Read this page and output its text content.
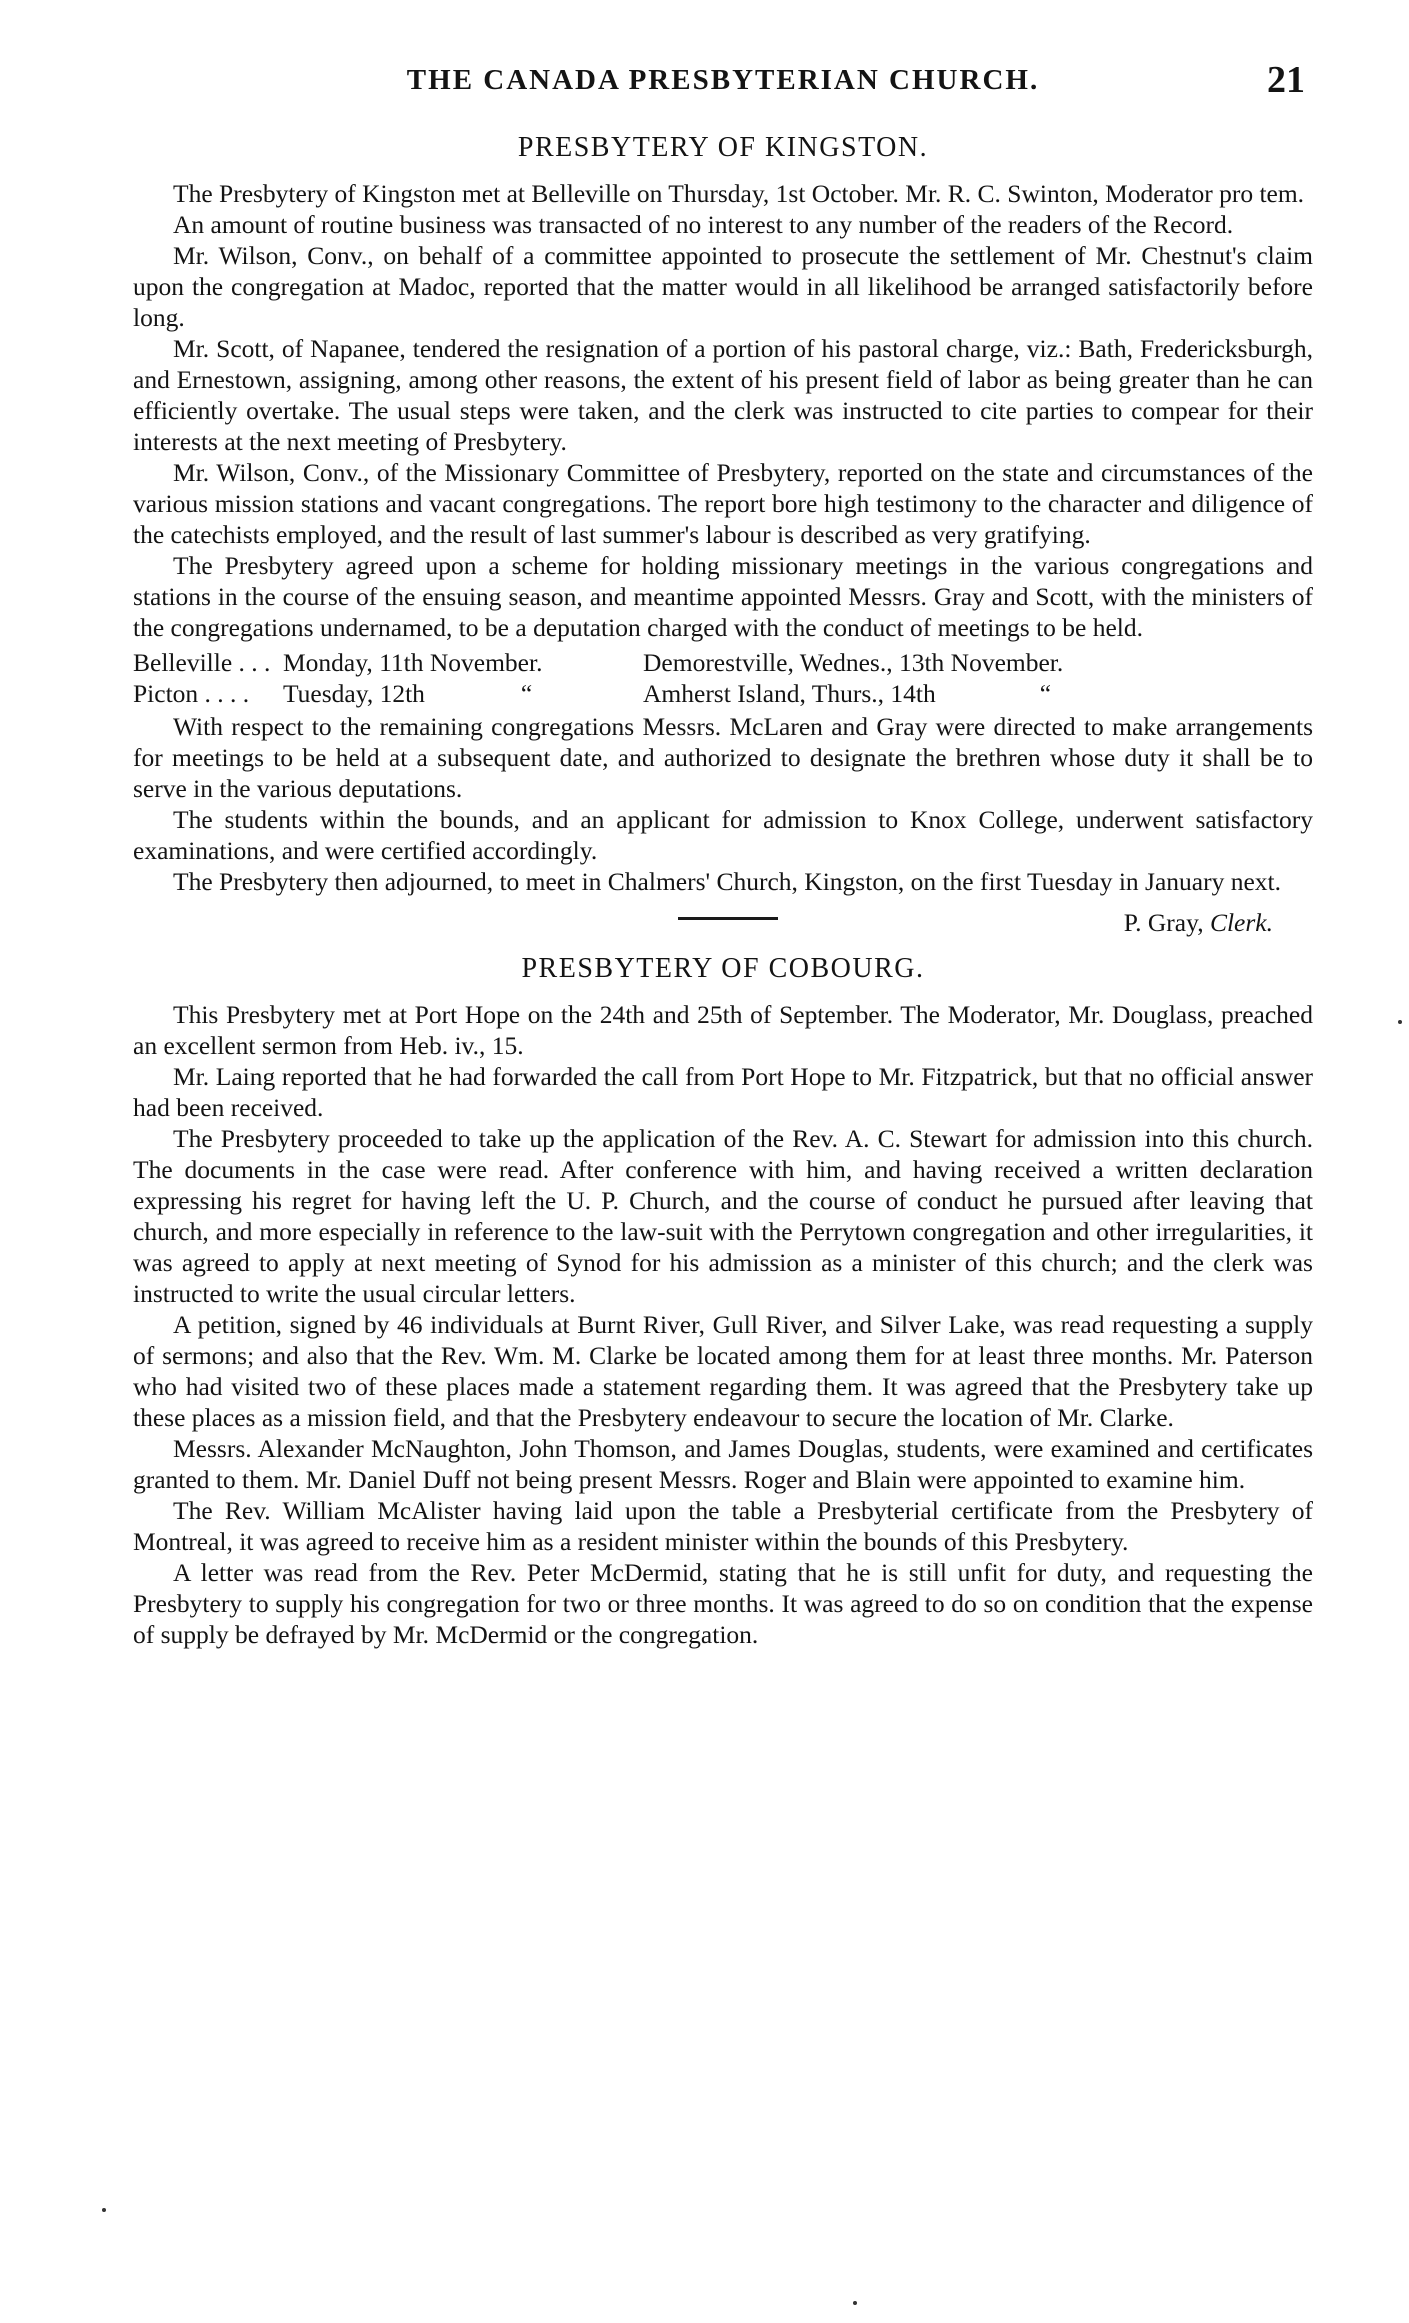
THE CANADA PRESBYTERIAN CHURCH.	21
PRESBYTERY OF KINGSTON.

The Presbytery of Kingston met at Belleville on Thursday, 1st October. Mr. R. C. Swinton, Moderator pro tem.

An amount of routine business was transacted of no interest to any number of the readers of the Record.

Mr. Wilson, Conv., on behalf of a committee appointed to prosecute the settlement of Mr. Chestnut's claim upon the congregation at Madoc, reported that the matter would in all likelihood be arranged satisfactorily before long.

Mr. Scott, of Napanee, tendered the resignation of a portion of his pastoral charge, viz.: Bath, Fredericksburgh, and Ernestown, assigning, among other reasons, the extent of his present field of labor as being greater than he can efficiently overtake. The usual steps were taken, and the clerk was instructed to cite parties to compear for their interests at the next meeting of Presbytery.

Mr. Wilson, Conv., of the Missionary Committee of Presbytery, reported on the state and circumstances of the various mission stations and vacant congregations. The report bore high testimony to the character and diligence of the catechists employed, and the result of last summer's labour is described as very gratifying.

The Presbytery agreed upon a scheme for holding missionary meetings in the various congregations and stations in the course of the ensuing season, and meantime appointed Messrs. Gray and Scott, with the ministers of the congregations undernamed, to be a deputation charged with the conduct of meetings to be held.

Belleville . . .	Monday, 11th November.	Demorestville, Wednes., 13th November.
Picton . . . .	Tuesday, 12th “	Amherst Island, Thurs., 14th “

With respect to the remaining congregations Messrs. McLaren and Gray were directed to make arrangements for meetings to be held at a subsequent date, and authorized to designate the brethren whose duty it shall be to serve in the various deputations.

The students within the bounds, and an applicant for admission to Knox College, underwent satisfactory examinations, and were certified accordingly.

The Presbytery then adjourned, to meet in Chalmers' Church, Kingston, on the first Tuesday in January next.

P. Gray, Clerk.
PRESBYTERY OF COBOURG.

This Presbytery met at Port Hope on the 24th and 25th of September. The Moderator, Mr. Douglass, preached an excellent sermon from Heb. iv., 15.

Mr. Laing reported that he had forwarded the call from Port Hope to Mr. Fitzpatrick, but that no official answer had been received.

The Presbytery proceeded to take up the application of the Rev. A. C. Stewart for admission into this church. The documents in the case were read. After conference with him, and having received a written declaration expressing his regret for having left the U. P. Church, and the course of conduct he pursued after leaving that church, and more especially in reference to the law-suit with the Perrytown congregation and other irregularities, it was agreed to apply at next meeting of Synod for his admission as a minister of this church; and the clerk was instructed to write the usual circular letters.

A petition, signed by 46 individuals at Burnt River, Gull River, and Silver Lake, was read requesting a supply of sermons; and also that the Rev. Wm. M. Clarke be located among them for at least three months. Mr. Paterson who had visited two of these places made a statement regarding them. It was agreed that the Presbytery take up these places as a mission field, and that the Presbytery endeavour to secure the location of Mr. Clarke.

Messrs. Alexander McNaughton, John Thomson, and James Douglas, students, were examined and certificates granted to them. Mr. Daniel Duff not being present Messrs. Roger and Blain were appointed to examine him.

The Rev. William McAlister having laid upon the table a Presbyterial certificate from the Presbytery of Montreal, it was agreed to receive him as a resident minister within the bounds of this Presbytery.

A letter was read from the Rev. Peter McDermid, stating that he is still unfit for duty, and requesting the Presbytery to supply his congregation for two or three months. It was agreed to do so on condition that the expense of supply be defrayed by Mr. McDermid or the congregation.
